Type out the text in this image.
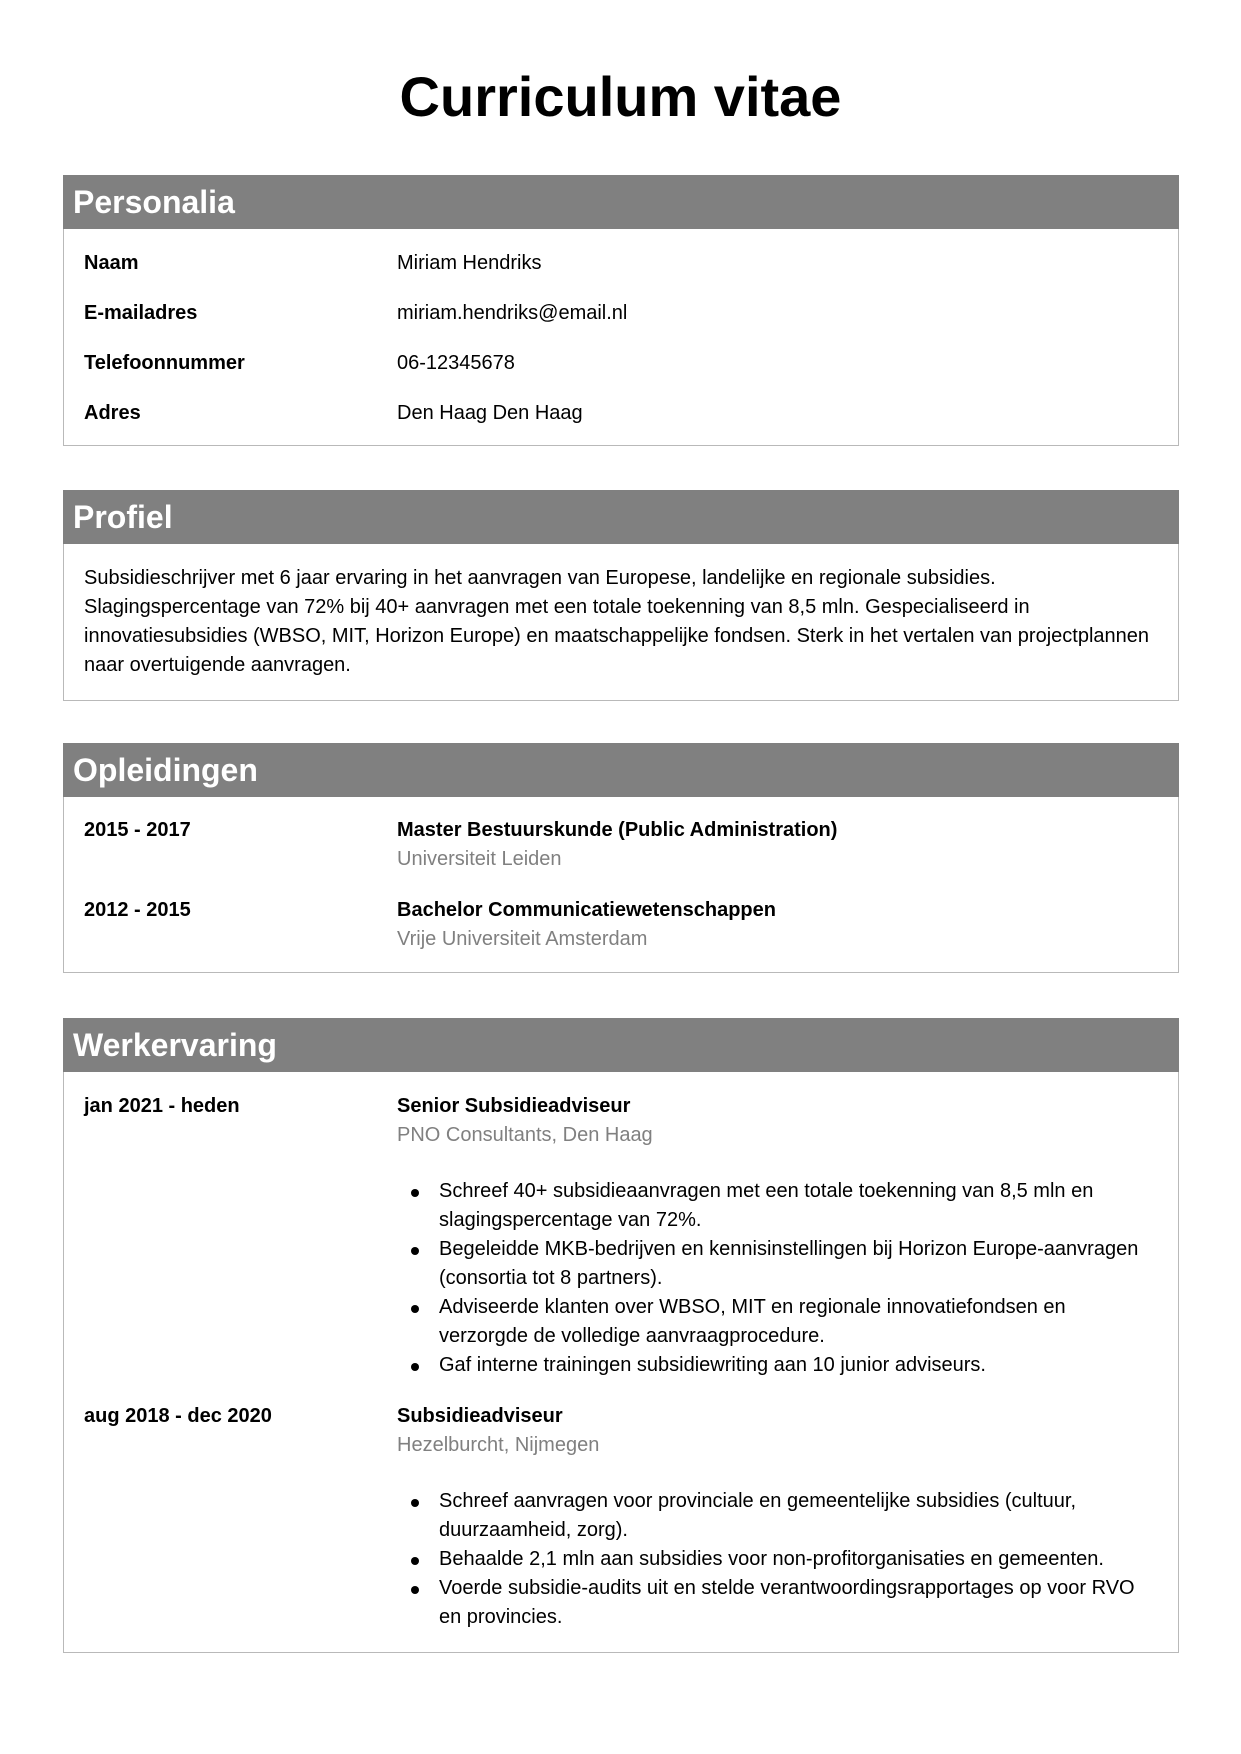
Curriculum vitae
Personalia
Naam	Miriam Hendriks
E-mailadres	miriam.hendriks@email.nl
Telefoonnummer	06-12345678
Adres	Den Haag Den Haag
Profiel

Subsidieschrijver met 6 jaar ervaring in het aanvragen van Europese, landelijke en regionale subsidies. Slagingspercentage van 72% bij 40+ aanvragen met een totale toekenning van 8,5 mln. Gespecialiseerd in innovatiesubsidies (WBSO, MIT, Horizon Europe) en maatschappelijke fondsen. Sterk in het vertalen van projectplannen naar overtuigende aanvragen.

Opleidingen
2015 - 2017	Master Bestuurskunde (Public Administration)
Universiteit Leiden
2012 - 2015	Bachelor Communicatiewetenschappen
Vrije Universiteit Amsterdam
Werkervaring
jan 2021 - heden	Senior Subsidieadviseur
PNO Consultants, Den Haag
Schreef 40+ subsidieaanvragen met een totale toekenning van 8,5 mln en slagingspercentage van 72%.
Begeleidde MKB-bedrijven en kennisinstellingen bij Horizon Europe-aanvragen (consortia tot 8 partners).
Adviseerde klanten over WBSO, MIT en regionale innovatiefondsen en verzorgde de volledige aanvraagprocedure.
Gaf interne trainingen subsidiewriting aan 10 junior adviseurs.
aug 2018 - dec 2020	Subsidieadviseur
Hezelburcht, Nijmegen
Schreef aanvragen voor provinciale en gemeentelijke subsidies (cultuur, duurzaamheid, zorg).
Behaalde 2,1 mln aan subsidies voor non-profitorganisaties en gemeenten.
Voerde subsidie-audits uit en stelde verantwoordingsrapportages op voor RVO en provincies.
